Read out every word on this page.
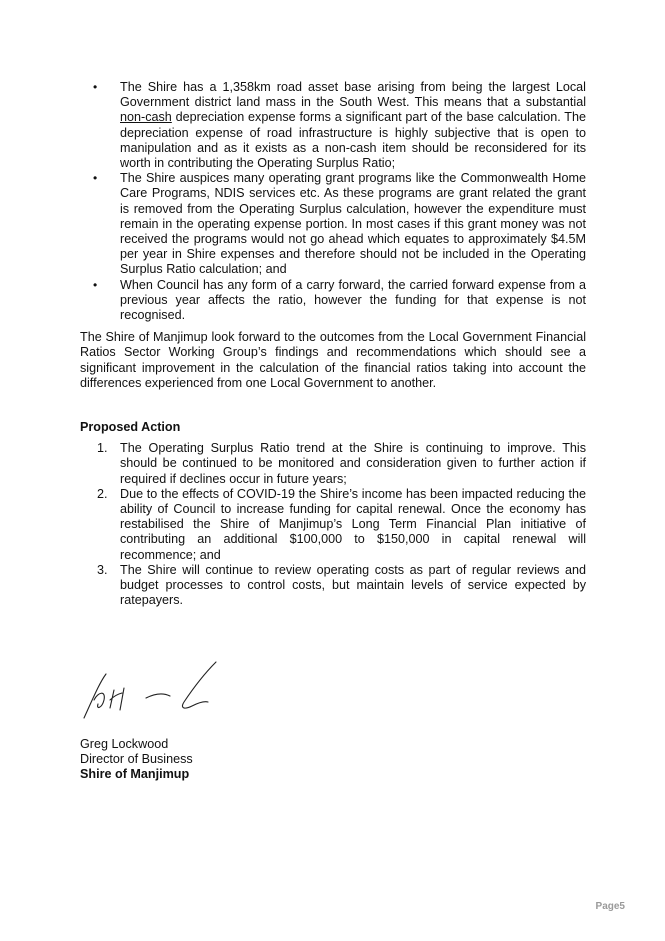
• The Shire has a 1,358km road asset base arising from being the largest Local Government district land mass in the South West. This means that a substantial non-cash depreciation expense forms a significant part of the base calculation. The depreciation expense of road infrastructure is highly subjective that is open to manipulation and as it exists as a non-cash item should be reconsidered for its worth in contributing the Operating Surplus Ratio;
• The Shire auspices many operating grant programs like the Commonwealth Home Care Programs, NDIS services etc. As these programs are grant related the grant is removed from the Operating Surplus calculation, however the expenditure must remain in the operating expense portion. In most cases if this grant money was not received the programs would not go ahead which equates to approximately $4.5M per year in Shire expenses and therefore should not be included in the Operating Surplus Ratio calculation; and
• When Council has any form of a carry forward, the carried forward expense from a previous year affects the ratio, however the funding for that expense is not recognised.

The Shire of Manjimup look forward to the outcomes from the Local Government Financial Ratios Sector Working Group’s findings and recommendations which should see a significant improvement in the calculation of the financial ratios taking into account the differences experienced from one Local Government to another.

Proposed Action

1. The Operating Surplus Ratio trend at the Shire is continuing to improve. This should be continued to be monitored and consideration given to further action if required if declines occur in future years;
2. Due to the effects of COVID-19 the Shire’s income has been impacted reducing the ability of Council to increase funding for capital renewal. Once the economy has restabilised the Shire of Manjimup’s Long Term Financial Plan initiative of contributing an additional $100,000 to $150,000 in capital renewal will recommence; and
3. The Shire will continue to review operating costs as part of regular reviews and budget processes to control costs, but maintain levels of service expected by ratepayers.
Greg Lockwood
Director of Business
Shire of Manjimup
Page5
